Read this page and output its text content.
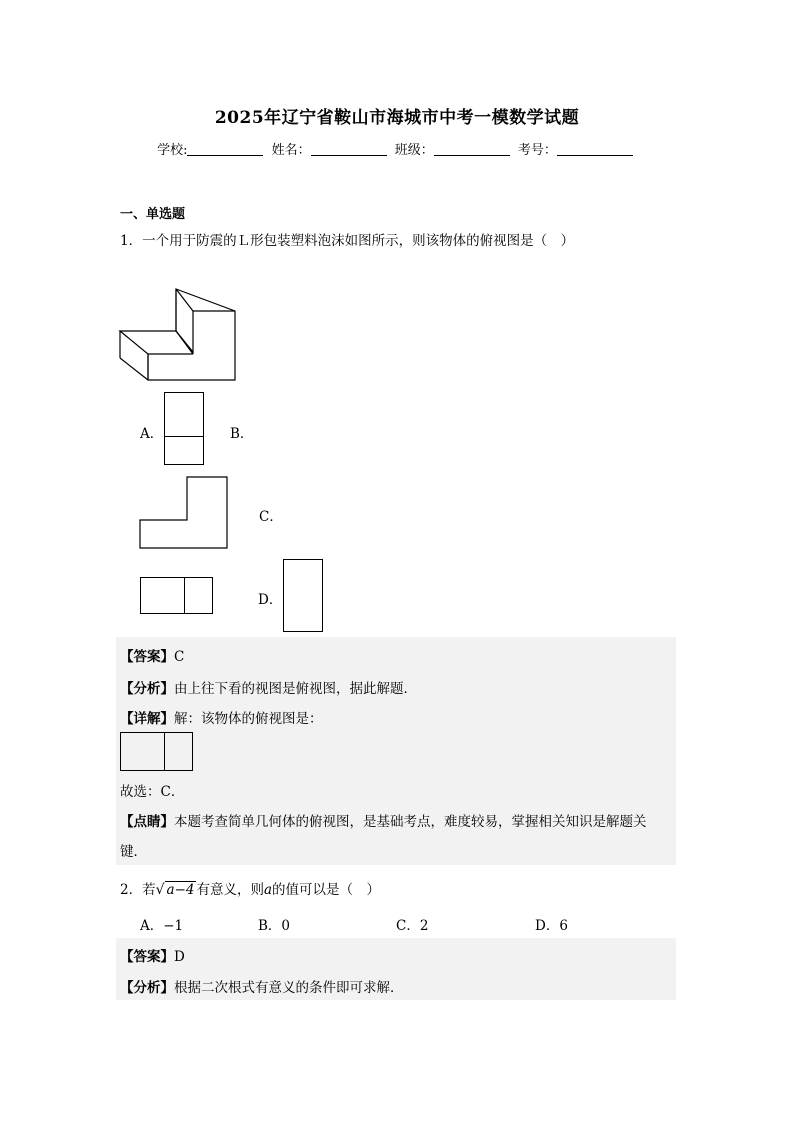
2025年辽宁省鞍山市海城市中考一模数学试题
学校:	姓名：	班级：	考号：
一、单选题
1．一个用于防震的Ｌ形包装塑料泡沫如图所示，则该物体的俯视图是（　）
A．	B．
C．
D．
【答案】C
【分析】由上往下看的视图是俯视图，据此解题．
【详解】解：该物体的俯视图是：
故选：C．
【点睛】本题考查简单几何体的俯视图，是基础考点，难度较易，掌握相关知识是解题关
键．
2．若√ a−4 有意义，则a的值可以是（　）
A．−1	B．0	C．2	D．6
【答案】D
【分析】根据二次根式有意义的条件即可求解．
